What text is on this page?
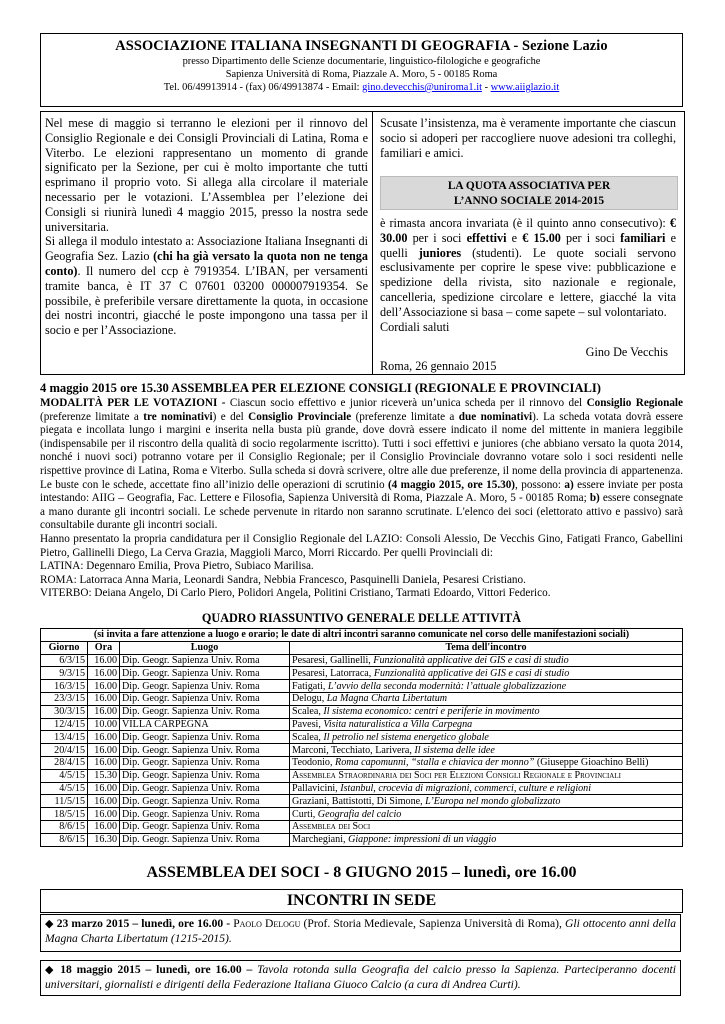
ASSOCIAZIONE ITALIANA INSEGNANTI DI GEOGRAFIA - Sezione Lazio
presso Dipartimento delle Scienze documentarie, linguistico-filologiche e geografiche
Sapienza Università di Roma, Piazzale A. Moro, 5 - 00185 Roma
Tel. 06/49913914 - (fax) 06/49913874 - Email: gino.devecchis@uniroma1.it - www.aiiglazio.it

Nel mese di maggio si terranno le elezioni per il rinnovo del Consiglio Regionale e dei Consigli Provinciali di Latina, Roma e Viterbo. Le elezioni rappresentano un momento di grande significato per la Sezione, per cui è molto importante che tutti esprimano il proprio voto. Si allega alla circolare il materiale necessario per le votazioni. L’Assemblea per l’elezione dei Consigli si riunirà lunedì 4 maggio 2015, presso la nostra sede universitaria.

Si allega il modulo intestato a: Associazione Italiana Insegnanti di Geografia Sez. Lazio (chi ha già versato la quota non ne tenga conto). Il numero del ccp è 7919354. L’IBAN, per versamenti tramite banca, è IT 37 C 07601 03200 000007919354. Se possibile, è preferibile versare direttamente la quota, in occasione dei nostri incontri, giacché le poste impongono una tassa per il socio e per l’Associazione.

Scusate l’insistenza, ma è veramente importante che ciascun socio si adoperi per raccogliere nuove adesioni tra colleghi, familiari e amici.
LA QUOTA ASSOCIATIVA PER
L’ANNO SOCIALE 2014-2015
è rimasta ancora invariata (è il quinto anno consecutivo): € 30.00 per i soci effettivi e € 15.00 per i soci familiari e quelli juniores (studenti). Le quote sociali servono esclusivamente per coprire le spese vive: pubblicazione e spedizione della rivista, sito nazionale e regionale, cancelleria, spedizione circolare e lettere, giacché la vita dell’Associazione si basa – come sapete – sul volontariato.
Cordiali saluti
Gino De Vecchis
Roma, 26 gennaio 2015
4 maggio 2015 ore 15.30 ASSEMBLEA PER ELEZIONE CONSIGLI (REGIONALE E PROVINCIALI)

MODALITÀ PER LE VOTAZIONI - Ciascun socio effettivo e junior riceverà un’unica scheda per il rinnovo del Consiglio Regionale (preferenze limitate a tre nominativi) e del Consiglio Provinciale (preferenze limitate a due nominativi). La scheda votata dovrà essere piegata e incollata lungo i margini e inserita nella busta più grande, dove dovrà essere indicato il nome del mittente in maniera leggibile (indispensabile per il riscontro della qualità di socio regolarmente iscritto). Tutti i soci effettivi e juniores (che abbiano versato la quota 2014, nonché i nuovi soci) potranno votare per il Consiglio Regionale; per il Consiglio Provinciale dovranno votare solo i soci residenti nelle rispettive province di Latina, Roma e Viterbo. Sulla scheda si dovrà scrivere, oltre alle due preferenze, il nome della provincia di appartenenza. Le buste con le schede, accettate fino all’inizio delle operazioni di scrutinio (4 maggio 2015, ore 15.30), possono: a) essere inviate per posta intestando: AIIG – Geografia, Fac. Lettere e Filosofia, Sapienza Università di Roma, Piazzale A. Moro, 5 - 00185 Roma; b) essere consegnate a mano durante gli incontri sociali. Le schede pervenute in ritardo non saranno scrutinate. L'elenco dei soci (elettorato attivo e passivo) sarà consultabile durante gli incontri sociali.

Hanno presentato la propria candidatura per il Consiglio Regionale del LAZIO: Consoli Alessio, De Vecchis Gino, Fatigati Franco, Gabellini Pietro, Gallinelli Diego, La Cerva Grazia, Maggioli Marco, Morri Riccardo. Per quelli Provinciali di:

LATINA: Degennaro Emilia, Prova Pietro, Subiaco Marilisa.

ROMA: Latorraca Anna Maria, Leonardi Sandra, Nebbia Francesco, Pasquinelli Daniela, Pesaresi Cristiano.

VITERBO: Deiana Angelo, Di Carlo Piero, Polidori Angela, Politini Cristiano, Tarmati Edoardo, Vittori Federico.

QUADRO RIASSUNTIVO GENERALE DELLE ATTIVITÀ
(si invita a fare attenzione a luogo e orario; le date di altri incontri saranno comunicate nel corso delle manifestazioni sociali)			
Giorno	Ora	Luogo	Tema dell'incontro
6/3/15	16.00	Dip. Geogr. Sapienza Univ. Roma	Pesaresi, Gallinelli, Funzionalità applicative dei GIS e casi di studio
9/3/15	16.00	Dip. Geogr. Sapienza Univ. Roma	Pesaresi, Latorraca, Funzionalità applicative dei GIS e casi di studio
16/3/15	16.00	Dip. Geogr. Sapienza Univ. Roma	Fatigati, L’avvio della seconda modernità: l’attuale globalizzazione
23/3/15	16.00	Dip. Geogr. Sapienza Univ. Roma	Delogu, La Magna Charta Libertatum
30/3/15	16.00	Dip. Geogr. Sapienza Univ. Roma	Scalea, Il sistema economico: centri e periferie in movimento
12/4/15	10.00	VILLA CARPEGNA	Pavesi, Visita naturalistica a Villa Carpegna
13/4/15	16.00	Dip. Geogr. Sapienza Univ. Roma	Scalea, Il petrolio nel sistema energetico globale
20/4/15	16.00	Dip. Geogr. Sapienza Univ. Roma	Marconi, Tecchiato, Larivera, Il sistema delle idee
28/4/15	16.00	Dip. Geogr. Sapienza Univ. Roma	Teodonio, Roma capomunni, “stalla e chiavica der monno” (Giuseppe Gioachino Belli)
4/5/15	15.30	Dip. Geogr. Sapienza Univ. Roma	Assemblea Straordinaria dei Soci per Elezioni Consigli Regionale e Provinciali
4/5/15	16.00	Dip. Geogr. Sapienza Univ. Roma	Pallavicini, Istanbul, crocevia di migrazioni, commerci, culture e religioni
11/5/15	16.00	Dip. Geogr. Sapienza Univ. Roma	Graziani, Battistotti, Di Simone, L’Europa nel mondo globalizzato
18/5/15	16.00	Dip. Geogr. Sapienza Univ. Roma	Curti, Geografia del calcio
8/6/15	16.00	Dip. Geogr. Sapienza Univ. Roma	Assemblea dei Soci
8/6/15	16.30	Dip. Geogr. Sapienza Univ. Roma	Marchegiani, Giappone: impressioni di un viaggio
ASSEMBLEA DEI SOCI - 8 GIUGNO 2015 – lunedì, ore 16.00
INCONTRI IN SEDE
◆ 23 marzo 2015 – lunedì, ore 16.00 - Paolo Delogu (Prof. Storia Medievale, Sapienza Università di Roma), Gli ottocento anni della Magna Charta Libertatum (1215-2015).
◆ 18 maggio 2015 – lunedì, ore 16.00 – Tavola rotonda sulla Geografia del calcio presso la Sapienza. Parteciperanno docenti universitari, giornalisti e dirigenti della Federazione Italiana Giuoco Calcio (a cura di Andrea Curti).
